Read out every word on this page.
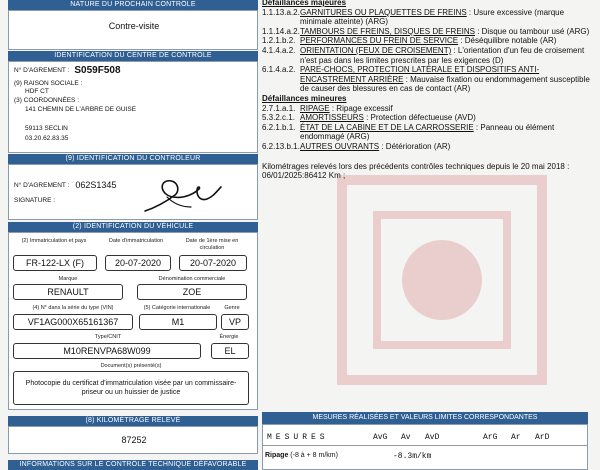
NATURE DU PROCHAIN CONTRÔLE
Contre-visite
IDENTIFICATION DU CENTRE DE CONTRÔLE
N° D'AGREMENT : S059F508
(9) RAISON SOCIALE :
HDF CT
(3) COORDONNÉES :
141 CHEMIN DE L'ARBRE DE GUISE
59113 SECLIN
03.20.62.83.35
(9) IDENTIFICATION DU CONTRÔLEUR
N° D'AGREMENT : 062S1345
SIGNATURE :
(2) IDENTIFICATION DU VÉHICULE
(2) Immatriculation et pays	Date d'immatriculation	Date de 1ère mise en circulation
FR-122-LX (F)	20-07-2020	20-07-2020
Marque	Dénomination commerciale
RENAULT	ZOE
(4) N° dans la série du type (VIN)	(5) Catégorie internationale	Genre
VF1AG000X65161367	M1	VP
Type/CNIT	Énergie
M10RENVPA68W099	EL
Document(s) présenté(s)
Photocopie du certificat d'immatriculation visée par un commissaire-priseur ou un huissier de justice
(8) KILOMÉTRAGE RELEVÉ
87252
INFORMATIONS SUR LE CONTRÔLE TECHNIQUE DÉFAVORABLE
Défaillances majeures
1.1.13.a.2. GARNITURES OU PLAQUETTES DE FREINS : Usure excessive (marque minimale atteinte) (ARG)
1.1.14.a.2. TAMBOURS DE FREINS, DISQUES DE FREINS : Disque ou tambour usé (ARG)
1.2.1.b.2. PERFORMANCES DU FREIN DE SERVICE : Déséquilibre notable (AR)
4.1.4.a.2. ORIENTATION (FEUX DE CROISEMENT) : L'orientation d'un feu de croisement n'est pas dans les limites prescrites par les exigences (D)
6.1.4.a.2. PARE-CHOCS, PROTECTION LATÉRALE ET DISPOSITIFS ANTI-ENCASTREMENT ARRIÈRE : Mauvaise fixation ou endommagement susceptible de causer des blessures en cas de contact (AR)
Défaillances mineures
2.7.1.a.1. RIPAGE : Ripage excessif
5.3.2.c.1. AMORTISSEURS : Protection défectueuse (AVD)
6.2.1.b.1. ÉTAT DE LA CABINE ET DE LA CARROSSERIE : Panneau ou élément endommagé (ARG)
6.2.13.b.1. AUTRES OUVRANTS : Détérioration (AR)
Kilométrages relevés lors des précédents contrôles techniques depuis le 20 mai 2018 : 06/01/2025:86412 Km ;
MESURES RÉALISÉES ET VALEURS LIMITES CORRESPONDANTES
MESURES	AvG Av AvD	ArG Ar ArD
Ripage (-8 à + 8 m/km)	-8.3m/km
